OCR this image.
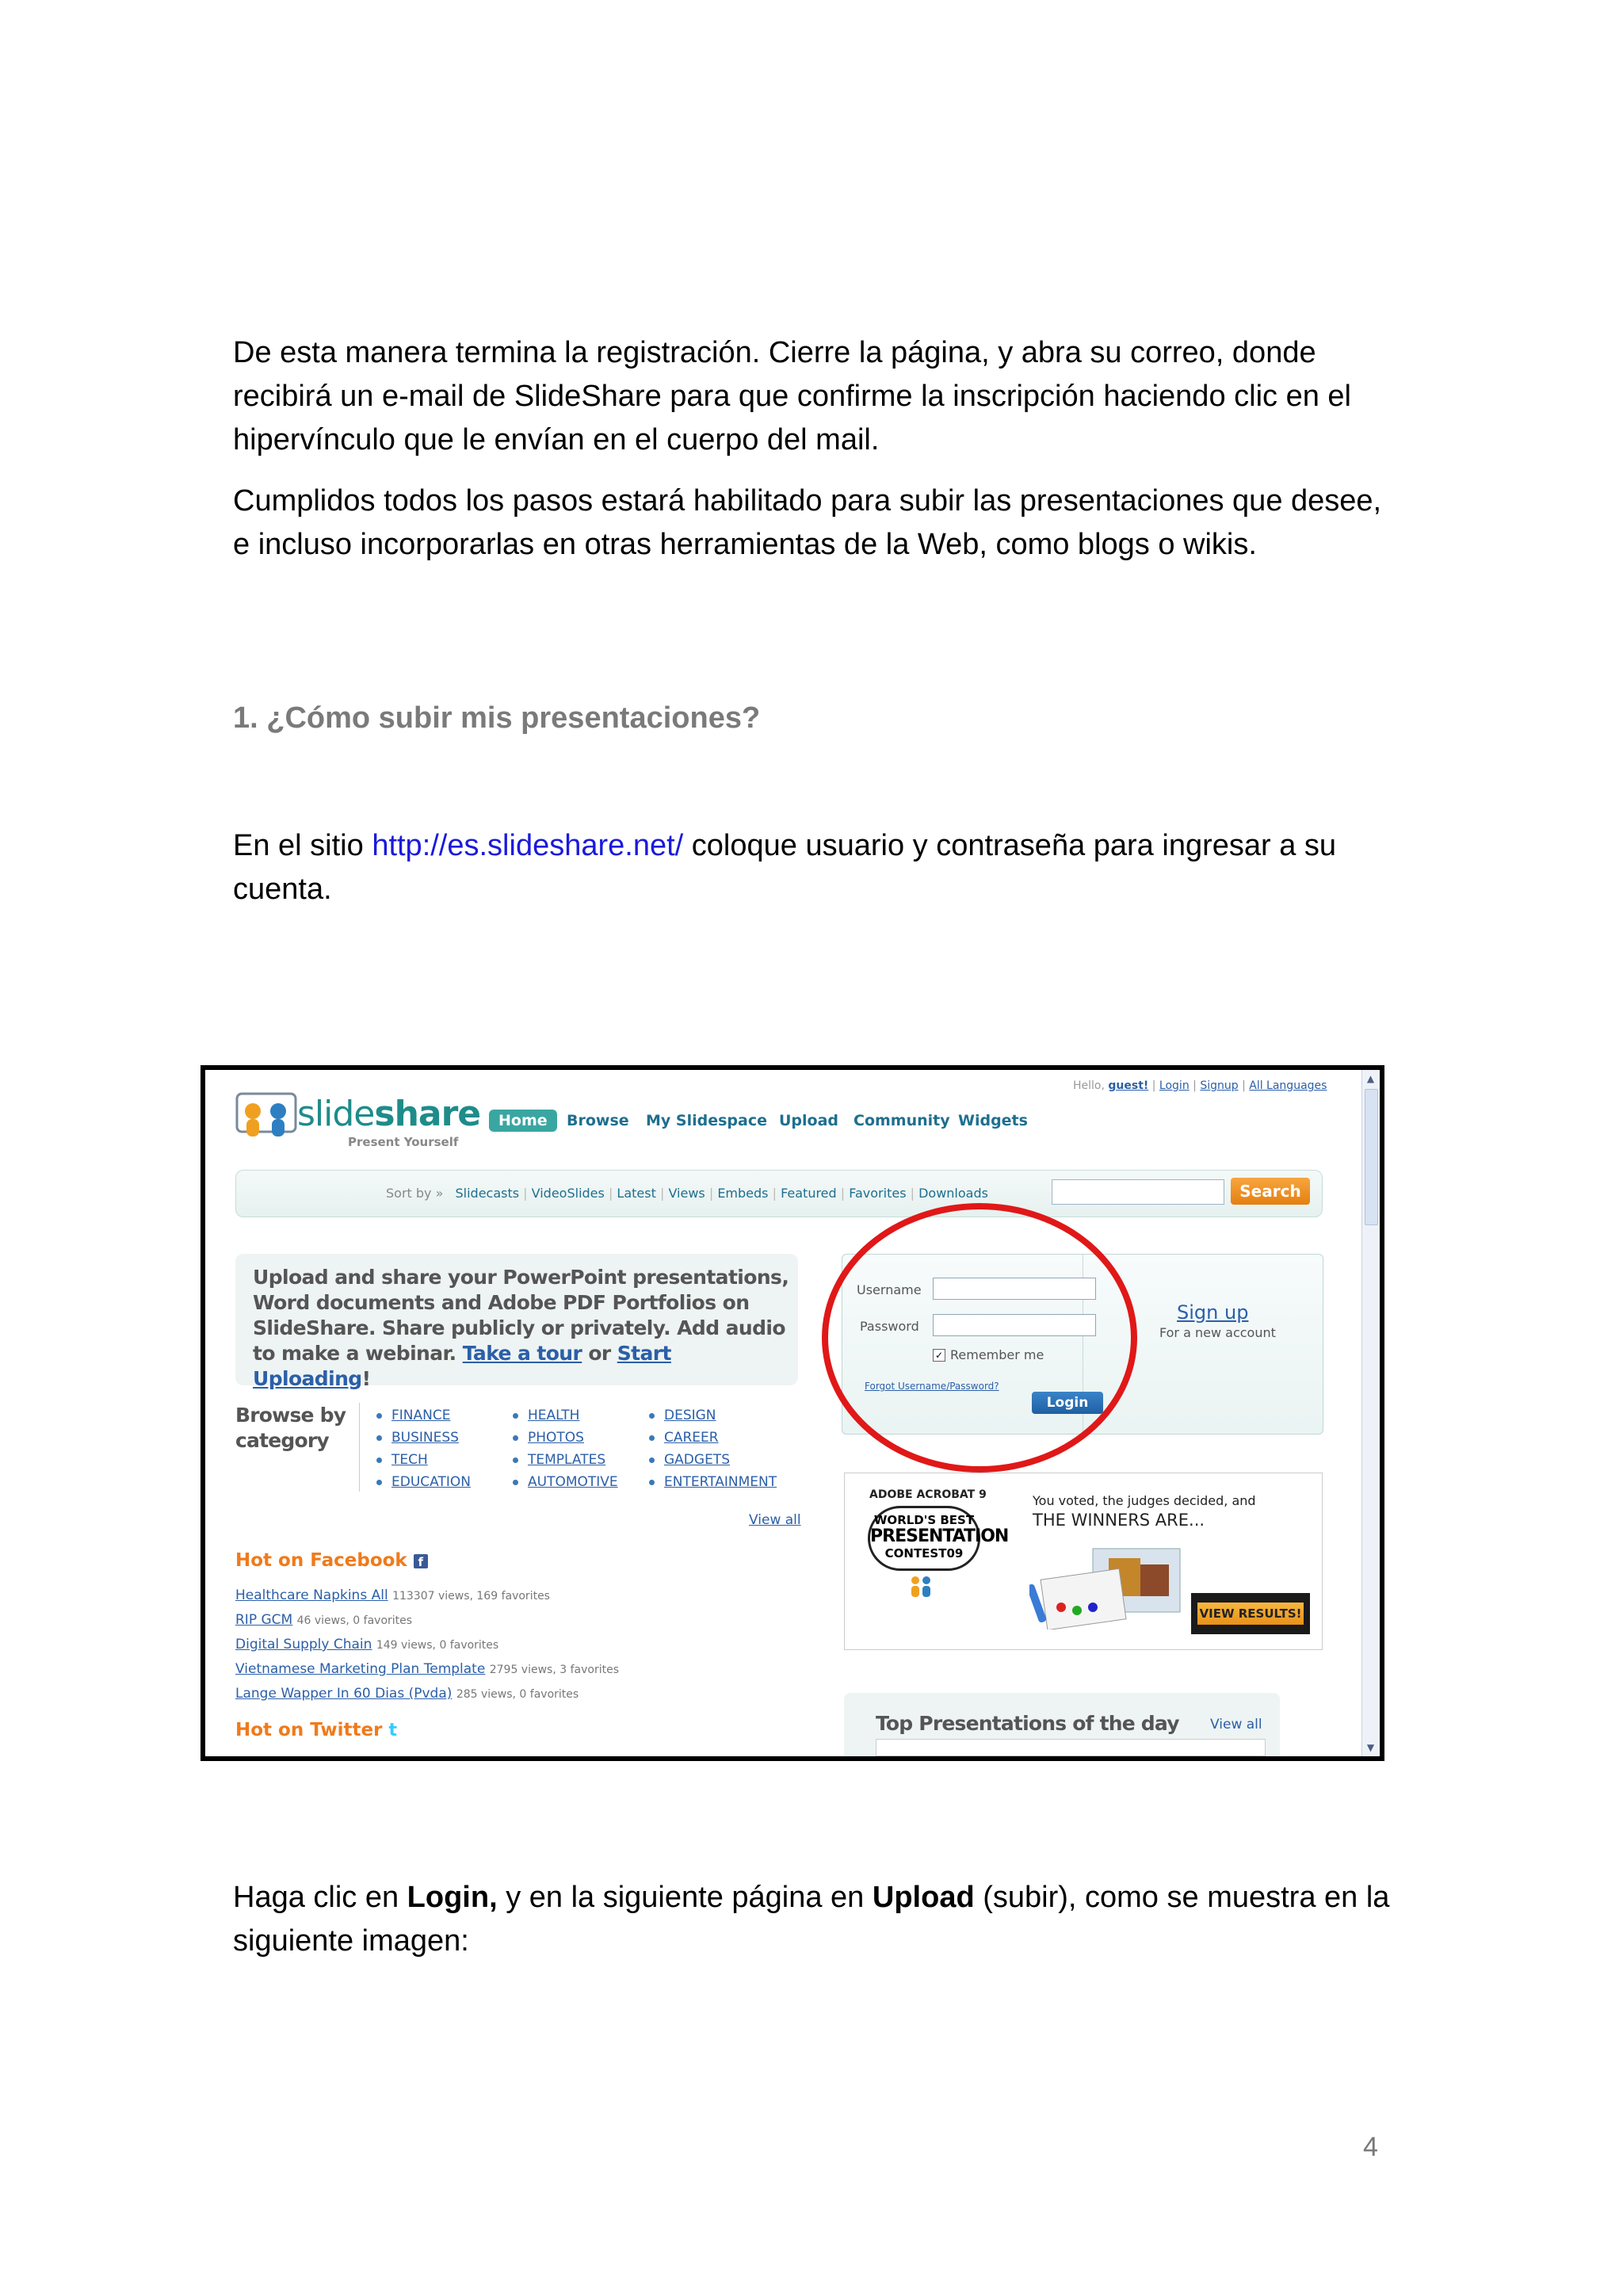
De esta manera termina la registración. Cierre la página, y abra su correo, donde recibirá un e-mail de SlideShare para que confirme la inscripción haciendo clic en el hipervínculo que le envían en el cuerpo del mail.

Cumplidos todos los pasos estará habilitado para subir las presentaciones que desee, e incluso incorporarlas en otras herramientas de la Web, como blogs o wikis.

1. ¿Cómo subir mis presentaciones?

En el sitio http://es.slideshare.net/ coloque usuario y contraseña para ingresar a su cuenta.

▲
▼
Hello, guest! | Login | Signup | All Languages
slideshare
Present Yourself
Home	Browse My Slidespace Upload Community Widgets
Sort by » Slidecasts | VideoSlides | Latest | Views | Embeds | Featured | Favorites | Downloads	Search
Upload and share your PowerPoint presentations, Word documents and Adobe PDF Portfolios on SlideShare. Share publicly or privately. Add audio to make a webinar. Take a tour or Start Uploading!
Username
Password
✓ Remember me
Forgot Username/Password?
Login
Sign up
For a new account
Browse by category
FINANCE
BUSINESS
TECH
EDUCATION
HEALTH
PHOTOS
TEMPLATES
AUTOMOTIVE
DESIGN
CAREER
GADGETS
ENTERTAINMENT
View all
Hot on Facebook f
Healthcare Napkins All 113307 views, 169 favorites
RIP GCM 46 views, 0 favorites
Digital Supply Chain 149 views, 0 favorites
Vietnamese Marketing Plan Template 2795 views, 3 favorites
Lange Wapper In 60 Dias (Pvda) 285 views, 0 favorites
Hot on Twitter t
ADOBE ACROBAT 9
WORLD'S BEST
PRESENTATION
CONTEST09
You voted, the judges decided, and
THE WINNERS ARE...
VIEW RESULTS!
Top Presentations of the day View all

Haga clic en Login, y en la siguiente página en Upload (subir), como se muestra en la siguiente imagen:

4
